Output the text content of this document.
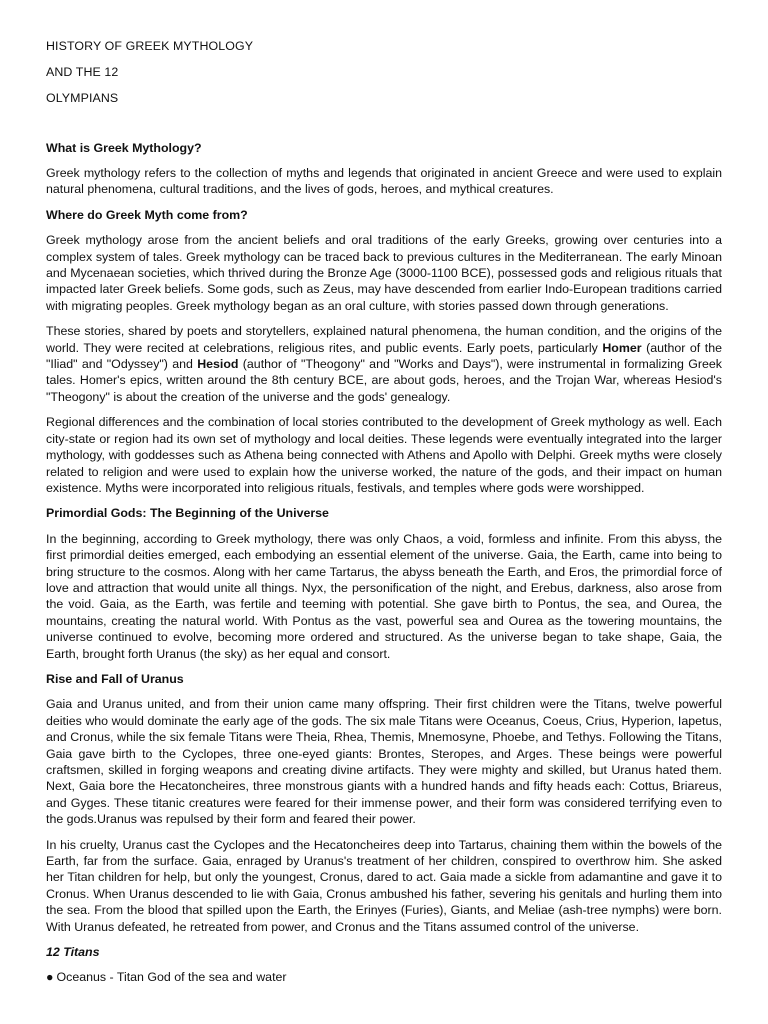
HISTORY OF GREEK MYTHOLOGY
AND THE 12
OLYMPIANS
What is Greek Mythology?

Greek mythology refers to the collection of myths and legends that originated in ancient Greece and were used to explain natural phenomena, cultural traditions, and the lives of gods, heroes, and mythical creatures.

Where do Greek Myth come from?

Greek mythology arose from the ancient beliefs and oral traditions of the early Greeks, growing over centuries into a complex system of tales. Greek mythology can be traced back to previous cultures in the Mediterranean. The early Minoan and Mycenaean societies, which thrived during the Bronze Age (3000-1100 BCE), possessed gods and religious rituals that impacted later Greek beliefs. Some gods, such as Zeus, may have descended from earlier Indo-European traditions carried with migrating peoples. Greek mythology began as an oral culture, with stories passed down through generations.

These stories, shared by poets and storytellers, explained natural phenomena, the human condition, and the origins of the world. They were recited at celebrations, religious rites, and public events. Early poets, particularly Homer (author of the "Iliad" and "Odyssey") and Hesiod (author of "Theogony" and "Works and Days"), were instrumental in formalizing Greek tales. Homer's epics, written around the 8th century BCE, are about gods, heroes, and the Trojan War, whereas Hesiod's "Theogony" is about the creation of the universe and the gods' genealogy.

Regional differences and the combination of local stories contributed to the development of Greek mythology as well. Each city-state or region had its own set of mythology and local deities. These legends were eventually integrated into the larger mythology, with goddesses such as Athena being connected with Athens and Apollo with Delphi. Greek myths were closely related to religion and were used to explain how the universe worked, the nature of the gods, and their impact on human existence. Myths were incorporated into religious rituals, festivals, and temples where gods were worshipped.

Primordial Gods: The Beginning of the Universe

In the beginning, according to Greek mythology, there was only Chaos, a void, formless and infinite. From this abyss, the first primordial deities emerged, each embodying an essential element of the universe. Gaia, the Earth, came into being to bring structure to the cosmos. Along with her came Tartarus, the abyss beneath the Earth, and Eros, the primordial force of love and attraction that would unite all things. Nyx, the personification of the night, and Erebus, darkness, also arose from the void. Gaia, as the Earth, was fertile and teeming with potential. She gave birth to Pontus, the sea, and Ourea, the mountains, creating the natural world. With Pontus as the vast, powerful sea and Ourea as the towering mountains, the universe continued to evolve, becoming more ordered and structured. As the universe began to take shape, Gaia, the Earth, brought forth Uranus (the sky) as her equal and consort.

Rise and Fall of Uranus

Gaia and Uranus united, and from their union came many offspring. Their first children were the Titans, twelve powerful deities who would dominate the early age of the gods. The six male Titans were Oceanus, Coeus, Crius, Hyperion, Iapetus, and Cronus, while the six female Titans were Theia, Rhea, Themis, Mnemosyne, Phoebe, and Tethys. Following the Titans, Gaia gave birth to the Cyclopes, three one-eyed giants: Brontes, Steropes, and Arges. These beings were powerful craftsmen, skilled in forging weapons and creating divine artifacts. They were mighty and skilled, but Uranus hated them. Next, Gaia bore the Hecatoncheires, three monstrous giants with a hundred hands and fifty heads each: Cottus, Briareus, and Gyges. These titanic creatures were feared for their immense power, and their form was considered terrifying even to the gods.Uranus was repulsed by their form and feared their power.

In his cruelty, Uranus cast the Cyclopes and the Hecatoncheires deep into Tartarus, chaining them within the bowels of the Earth, far from the surface. Gaia, enraged by Uranus's treatment of her children, conspired to overthrow him. She asked her Titan children for help, but only the youngest, Cronus, dared to act. Gaia made a sickle from adamantine and gave it to Cronus. When Uranus descended to lie with Gaia, Cronus ambushed his father, severing his genitals and hurling them into the sea. From the blood that spilled upon the Earth, the Erinyes (Furies), Giants, and Meliae (ash-tree nymphs) were born. With Uranus defeated, he retreated from power, and Cronus and the Titans assumed control of the universe.

12 Titans

● Oceanus - Titan God of the sea and water
